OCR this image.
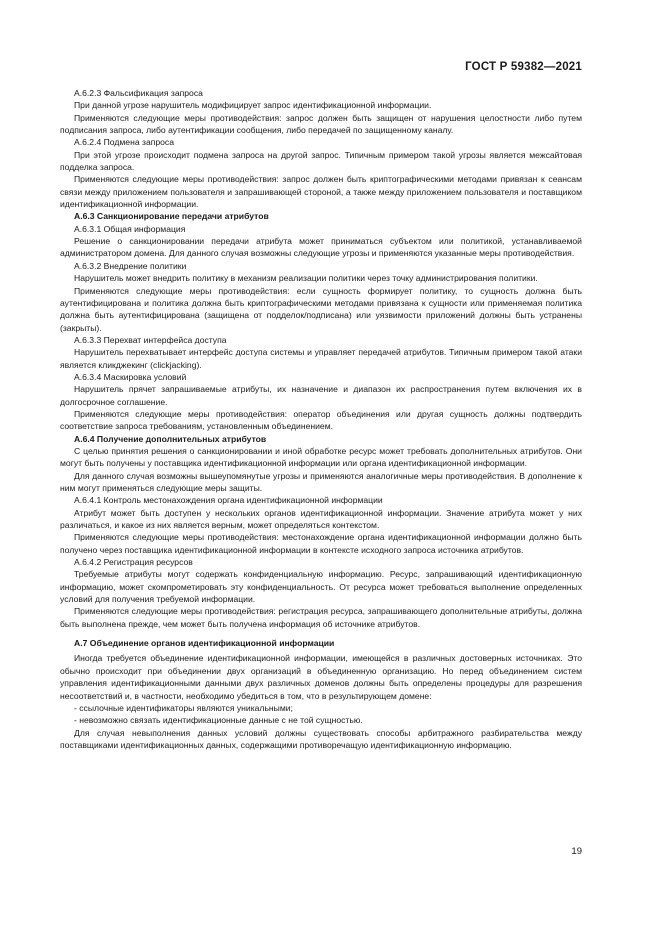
ГОСТ Р 59382—2021

А.6.2.3 Фальсификация запроса

При данной угрозе нарушитель модифицирует запрос идентификационной информации.

Применяются следующие меры противодействия: запрос должен быть защищен от нарушения целостности либо путем подписания запроса, либо аутентификации сообщения, либо передачей по защищенному каналу.

А.6.2.4 Подмена запроса

При этой угрозе происходит подмена запроса на другой запрос. Типичным примером такой угрозы является межсайтовая подделка запроса.

Применяются следующие меры противодействия: запрос должен быть криптографическими методами привязан к сеансам связи между приложением пользователя и запрашивающей стороной, а также между приложением пользователя и поставщиком идентификационной информации.

А.6.3 Санкционирование передачи атрибутов

А.6.3.1 Общая информация

Решение о санкционировании передачи атрибута может приниматься субъектом или политикой, устанавливаемой администратором домена. Для данного случая возможны следующие угрозы и применяются указанные меры противодействия.

А.6.3.2 Внедрение политики

Нарушитель может внедрить политику в механизм реализации политики через точку администрирования политики.

Применяются следующие меры противодействия: если сущность формирует политику, то сущность должна быть аутентифицирована и политика должна быть криптографическими методами привязана к сущности или применяемая политика должна быть аутентифицирована (защищена от подделок/подписана) или уязвимости приложений должны быть устранены (закрыты).

А.6.3.3 Перехват интерфейса доступа

Нарушитель перехватывает интерфейс доступа системы и управляет передачей атрибутов. Типичным примером такой атаки является кликджекинг (clickjacking).

А.6.3.4 Маскировка условий

Нарушитель прячет запрашиваемые атрибуты, их назначение и диапазон их распространения путем включения их в долгосрочное соглашение.

Применяются следующие меры противодействия: оператор объединения или другая сущность должны подтвердить соответствие запроса требованиям, установленным объединением.

А.6.4 Получение дополнительных атрибутов

С целью принятия решения о санкционировании и иной обработке ресурс может требовать дополнительных атрибутов. Они могут быть получены у поставщика идентификационной информации или органа идентификационной информации.

Для данного случая возможны вышеупомянутые угрозы и применяются аналогичные меры противодействия. В дополнение к ним могут применяться следующие меры защиты.

А.6.4.1 Контроль местонахождения органа идентификационной информации

Атрибут может быть доступен у нескольких органов идентификационной информации. Значение атрибута может у них различаться, и какое из них является верным, может определяться контекстом.

Применяются следующие меры противодействия: местонахождение органа идентификационной информации должно быть получено через поставщика идентификационной информации в контексте исходного запроса источника атрибутов.

А.6.4.2 Регистрация ресурсов

Требуемые атрибуты могут содержать конфиденциальную информацию. Ресурс, запрашивающий идентификационную информацию, может скомпрометировать эту конфиденциальность. От ресурса может требоваться выполнение определенных условий для получения требуемой информации.

Применяются следующие меры противодействия: регистрация ресурса, запрашивающего дополнительные атрибуты, должна быть выполнена прежде, чем может быть получена информация об источнике атрибутов.

А.7 Объединение органов идентификационной информации

Иногда требуется объединение идентификационной информации, имеющейся в различных достоверных источниках. Это обычно происходит при объединении двух организаций в объединенную организацию. Но перед объединением систем управления идентификационными данными двух различных доменов должны быть определены процедуры для разрешения несоответствий и, в частности, необходимо убедиться в том, что в результирующем домене:

- ссылочные идентификаторы являются уникальными;

- невозможно связать идентификационные данные с не той сущностью.

Для случая невыполнения данных условий должны существовать способы арбитражного разбирательства между поставщиками идентификационных данных, содержащими противоречащую идентификационную информацию.

19
